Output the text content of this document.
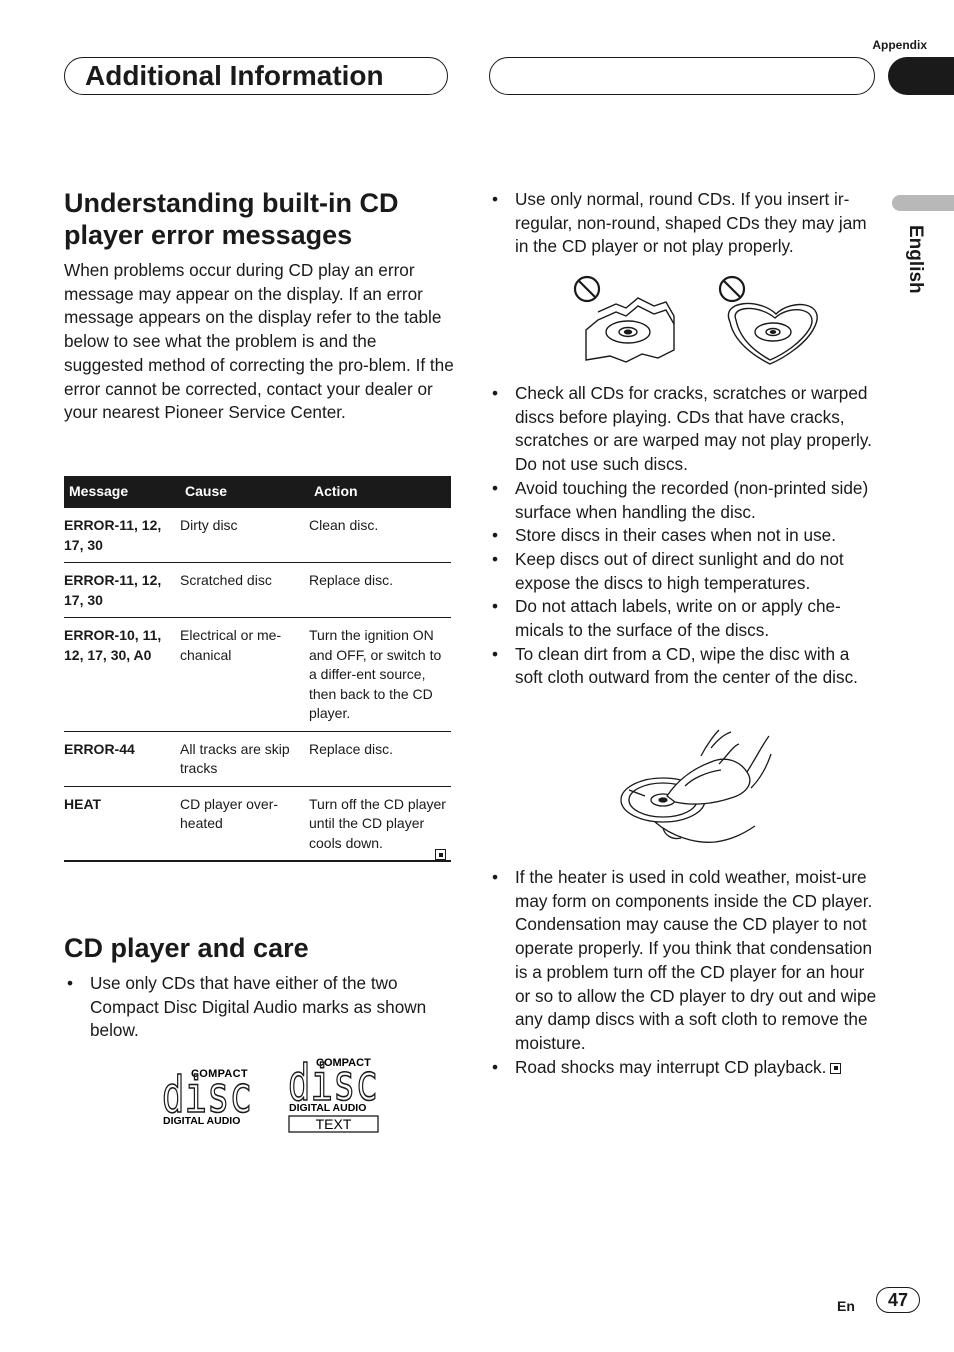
Appendix
Additional Information
English
Understanding built-in CD player error messages
When problems occur during CD play an error message may appear on the display. If an error message appears on the display refer to the table below to see what the problem is and the suggested method of correcting the pro-blem. If the error cannot be corrected, contact your dealer or your nearest Pioneer Service Center.
Message	Cause	Action
ERROR-11, 12, 17, 30	Dirty disc	Clean disc.
ERROR-11, 12, 17, 30	Scratched disc	Replace disc.
ERROR-10, 11, 12, 17, 30, A0	Electrical or me-chanical	Turn the ignition ON and OFF, or switch to a differ-ent source, then back to the CD player.
ERROR-44	All tracks are skip tracks	Replace disc.
HEAT	CD player over-heated	Turn off the CD player until the CD player cools down.
CD player and care
• Use only CDs that have either of the two Compact Disc Digital Audio marks as shown below.
COMPACT
disc
DIGITAL AUDIO
COMPACT
disc
DIGITAL AUDIO
TEXT
• Use only normal, round CDs. If you insert ir-regular, non-round, shaped CDs they may jam in the CD player or not play properly.
• Check all CDs for cracks, scratches or warped discs before playing. CDs that have cracks, scratches or are warped may not play properly. Do not use such discs.
• Avoid touching the recorded (non-printed side) surface when handling the disc.
• Store discs in their cases when not in use.
• Keep discs out of direct sunlight and do not expose the discs to high temperatures.
• Do not attach labels, write on or apply che-micals to the surface of the discs.
• To clean dirt from a CD, wipe the disc with a soft cloth outward from the center of the disc.
• If the heater is used in cold weather, moist-ure may form on components inside the CD player. Condensation may cause the CD player to not operate properly. If you think that condensation is a problem turn off the CD player for an hour or so to allow the CD player to dry out and wipe any damp discs with a soft cloth to remove the moisture.
• Road shocks may interrupt CD playback.
En	47
